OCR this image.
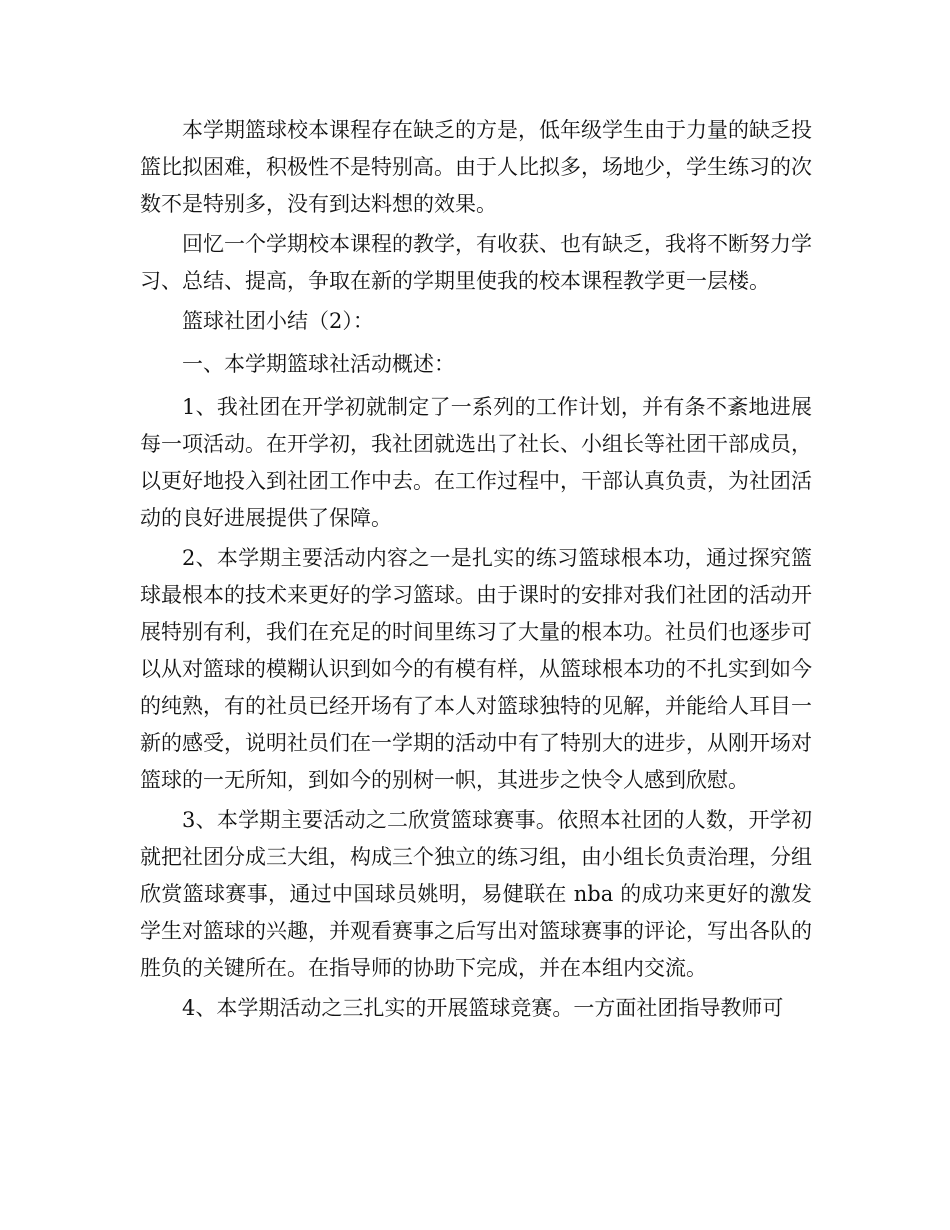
本学期篮球校本课程存在缺乏的方是，低年级学生由于力量的缺乏投篮比拟困难，积极性不是特别高。由于人比拟多，场地少，学生练习的次数不是特别多，没有到达料想的效果。

回忆一个学期校本课程的教学，有收获、也有缺乏，我将不断努力学习、总结、提高，争取在新的学期里使我的校本课程教学更一层楼。

篮球社团小结（2）：

一、本学期篮球社活动概述：

1、我社团在开学初就制定了一系列的工作计划，并有条不紊地进展每一项活动。在开学初，我社团就选出了社长、小组长等社团干部成员，以更好地投入到社团工作中去。在工作过程中，干部认真负责，为社团活动的良好进展提供了保障。

2、本学期主要活动内容之一是扎实的练习篮球根本功，通过探究篮球最根本的技术来更好的学习篮球。由于课时的安排对我们社团的活动开展特别有利，我们在充足的时间里练习了大量的根本功。社员们也逐步可以从对篮球的模糊认识到如今的有模有样，从篮球根本功的不扎实到如今的纯熟，有的社员已经开场有了本人对篮球独特的见解，并能给人耳目一新的感受，说明社员们在一学期的活动中有了特别大的进步，从刚开场对篮球的一无所知，到如今的别树一帜，其进步之快令人感到欣慰。

3、本学期主要活动之二欣赏篮球赛事。依照本社团的人数，开学初就把社团分成三大组，构成三个独立的练习组，由小组长负责治理，分组欣赏篮球赛事，通过中国球员姚明，易健联在 nba 的成功来更好的激发学生对篮球的兴趣，并观看赛事之后写出对篮球赛事的评论，写出各队的胜负的关键所在。在指导师的协助下完成，并在本组内交流。

4、本学期活动之三扎实的开展篮球竞赛。一方面社团指导教师可
